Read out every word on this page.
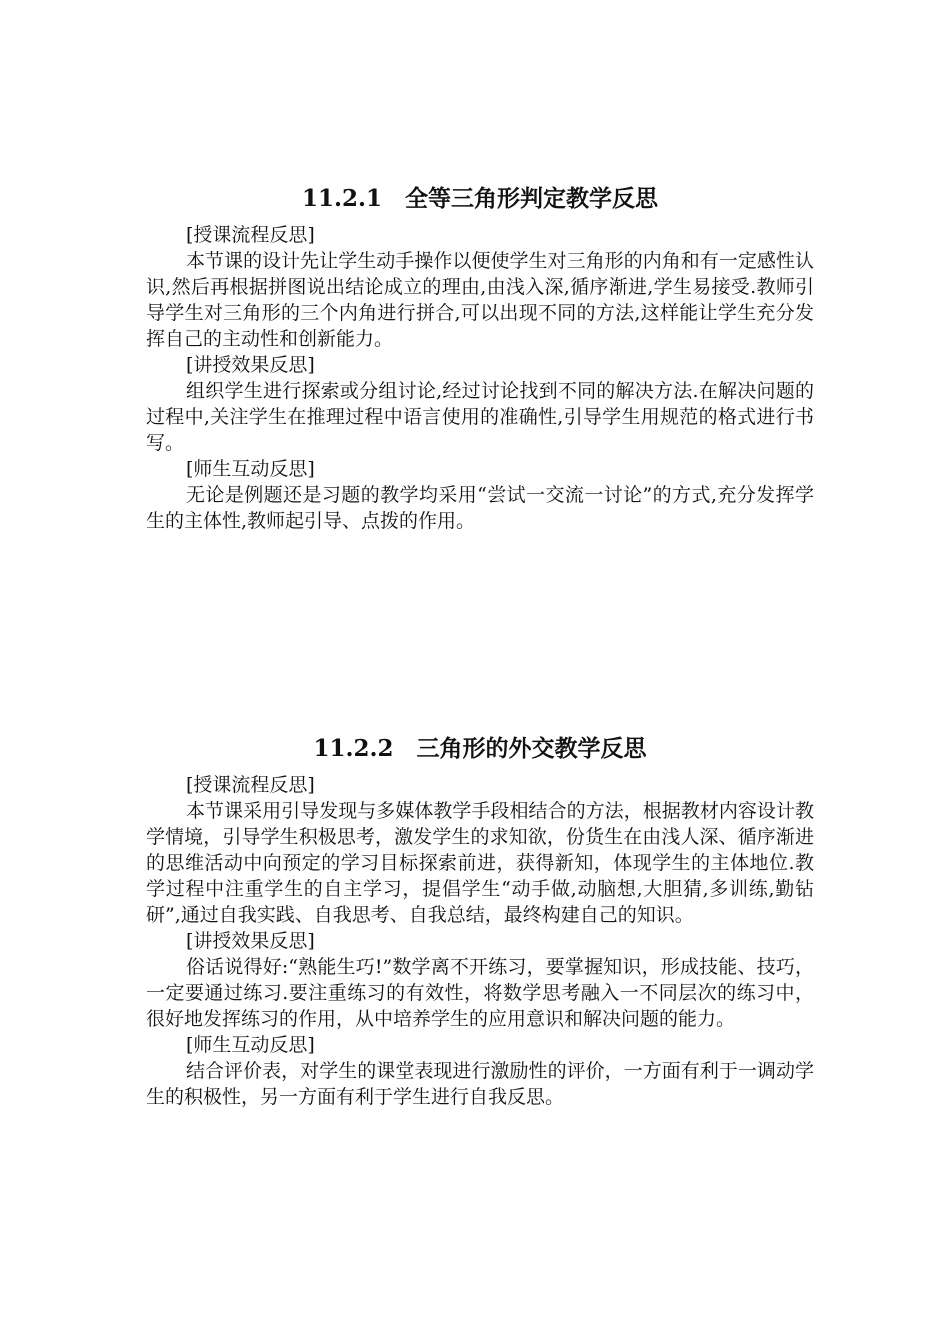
11.2.1　全等三角形判定教学反思

[授课流程反思]

本节课的设计先让学生动手操作以便使学生对三角形的内角和有一定感性认识,然后再根据拼图说出结论成立的理由,由浅入深,循序渐进,学生易接受.教师引导学生对三角形的三个内角进行拼合,可以出现不同的方法,这样能让学生充分发挥自己的主动性和创新能力。

[讲授效果反思]

组织学生进行探索或分组讨论,经过讨论找到不同的解决方法.在解决问题的过程中,关注学生在推理过程中语言使用的准确性,引导学生用规范的格式进行书写。

[师生互动反思]

无论是例题还是习题的教学均采用“尝试一交流一讨论”的方式,充分发挥学生的主体性,教师起引导、点拨的作用。

11.2.2　三角形的外交教学反思

[授课流程反思]

本节课采用引导发现与多媒体教学手段相结合的方法，根据教材内容设计教学情境，引导学生积极思考，激发学生的求知欲，份货生在由浅人深、循序渐进的思维活动中向预定的学习目标探索前进，获得新知，体现学生的主体地位.教学过程中注重学生的自主学习，提倡学生“动手做,动脑想,大胆猜,多训练,勤钻研”,通过自我实践、自我思考、自我总结，最终构建自己的知识。

[讲授效果反思]

俗话说得好:“熟能生巧!”数学离不开练习，要掌握知识，形成技能、技巧，一定要通过练习.要注重练习的有效性，将数学思考融入一不同层次的练习中，很好地发挥练习的作用，从中培养学生的应用意识和解决问题的能力。

[师生互动反思]

结合评价表，对学生的课堂表现进行激励性的评价，一方面有利于一调动学生的积极性，另一方面有利于学生进行自我反思。
